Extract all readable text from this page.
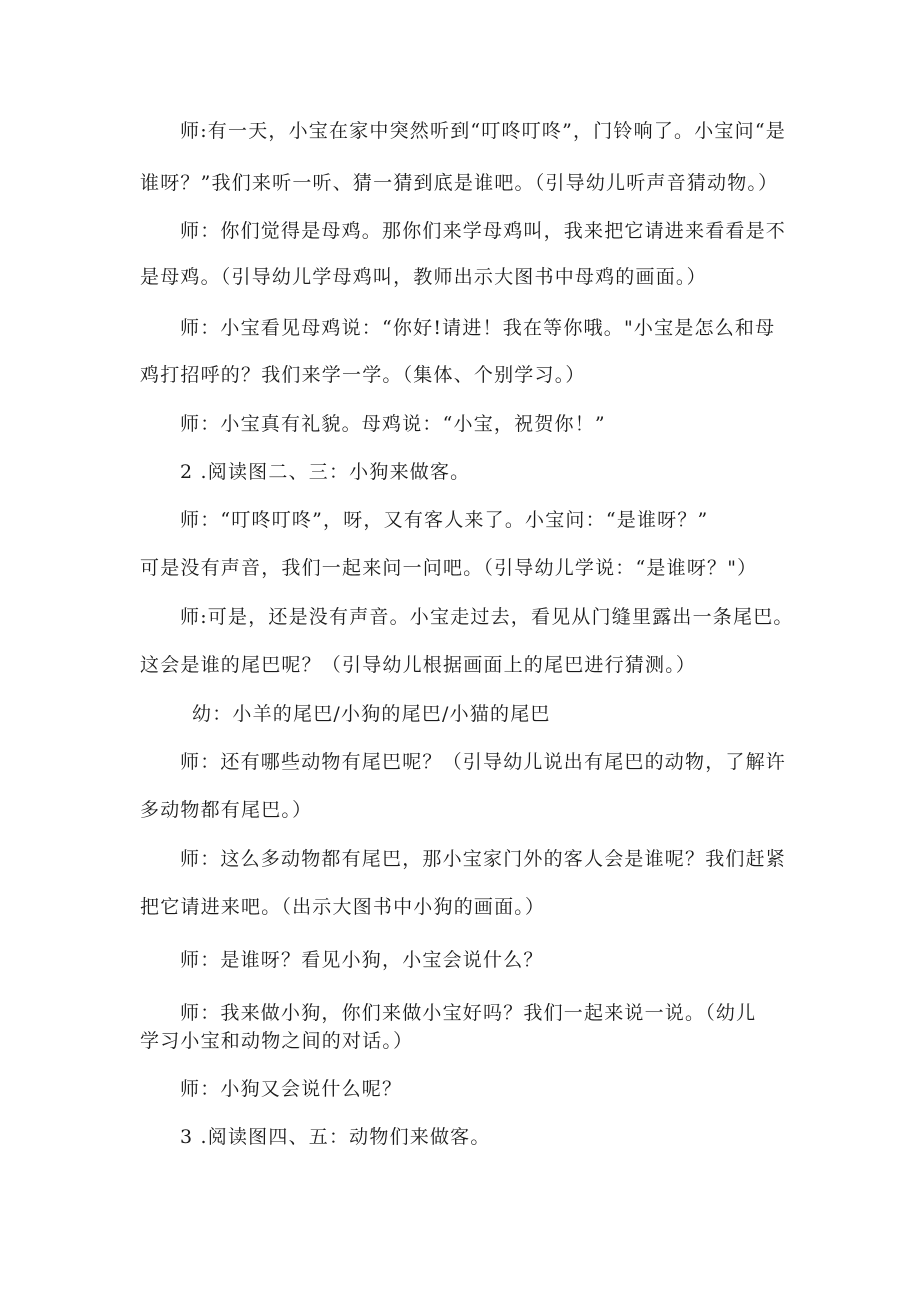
师:有一天，小宝在家中突然听到“叮咚叮咚”，门铃响了。小宝问“是
谁呀？”我们来听一听、猜一猜到底是谁吧。（引导幼儿听声音猜动物。）
师：你们觉得是母鸡。那你们来学母鸡叫，我来把它请进来看看是不
是母鸡。（引导幼儿学母鸡叫，教师出示大图书中母鸡的画面。）
师：小宝看见母鸡说：“你好!请进！我在等你哦。"小宝是怎么和母
鸡打招呼的？我们来学一学。（集体、个别学习。）
师：小宝真有礼貌。母鸡说：“小宝，祝贺你！”
2 .阅读图二、三：小狗来做客。
师：“叮咚叮咚”，呀，又有客人来了。小宝问：“是谁呀？”
可是没有声音，我们一起来问一问吧。（引导幼儿学说：“是谁呀？"）
师:可是，还是没有声音。小宝走过去，看见从门缝里露出一条尾巴。
这会是谁的尾巴呢？（引导幼儿根据画面上的尾巴进行猜测。）
幼：小羊的尾巴/小狗的尾巴/小猫的尾巴
师：还有哪些动物有尾巴呢？（引导幼儿说出有尾巴的动物，了解许
多动物都有尾巴。）
师：这么多动物都有尾巴，那小宝家门外的客人会是谁呢？我们赶紧
把它请进来吧。（出示大图书中小狗的画面。）
师：是谁呀？看见小狗，小宝会说什么？
师：我来做小狗，你们来做小宝好吗？我们一起来说一说。（幼儿
学习小宝和动物之间的对话。）
师：小狗又会说什么呢？
3 .阅读图四、五：动物们来做客。
